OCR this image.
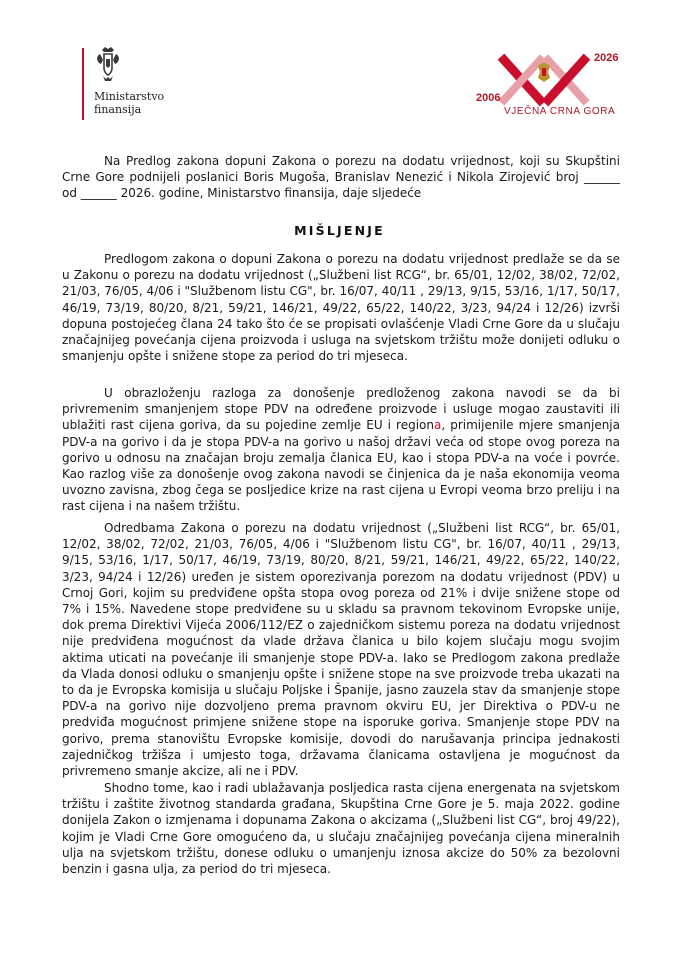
Ministarstvo
finansija
2026
2006
VJEČNA CRNA GORA

Na Predlog zakona dopuni Zakona o porezu na dodatu vrijednost, koji su Skupštini Crne Gore podnijeli poslanici Boris Mugoša, Branislav Nenezić i Nikola Zirojević broj ______ od ______ 2026. godine, Ministarstvo finansija, daje sljedeće

MIŠLJENJE

Predlogom zakona o dopuni Zakona o porezu na dodatu vrijednost predlaže se da se u Zakonu o porezu na dodatu vrijednost („Službeni list RCG“, br. 65/01, 12/02, 38/02, 72/02, 21/03, 76/05, 4/06 i "Službenom listu CG", br. 16/07, 40/11 , 29/13, 9/15, 53/16, 1/17, 50/17, 46/19, 73/19, 80/20, 8/21, 59/21, 146/21, 49/22, 65/22, 140/22, 3/23, 94/24 i 12/26) izvrši dopuna postojećeg člana 24 tako što će se propisati ovlašćenje Vladi Crne Gore da u slučaju značajnijeg povećanja cijena proizvoda i usluga na svjetskom tržištu može donijeti odluku o smanjenju opšte i snižene stope za period do tri mjeseca.

U obrazloženju razloga za donošenje predloženog zakona navodi se da bi privremenim smanjenjem stope PDV na određene proizvode i usluge mogao zaustaviti ili ublažiti rast cijena goriva, da su pojedine zemlje EU i regiona, primijenile mjere smanjenja PDV-a na gorivo i da je stopa PDV-a na gorivo u našoj državi veća od stope ovog poreza na gorivo u odnosu na značajan broju zemalja članica EU, kao i stopa PDV-a na voće i povrće. Kao razlog više za donošenje ovog zakona navodi se činjenica da je naša ekonomija veoma uvozno zavisna, zbog čega se posljedice krize na rast cijena u Evropi veoma brzo preliju i na rast cijena i na našem tržištu.

Odredbama Zakona o porezu na dodatu vrijednost („Službeni list RCG“, br. 65/01, 12/02, 38/02, 72/02, 21/03, 76/05, 4/06 i "Službenom listu CG", br. 16/07, 40/11 , 29/13, 9/15, 53/16, 1/17, 50/17, 46/19, 73/19, 80/20, 8/21, 59/21, 146/21, 49/22, 65/22, 140/22, 3/23, 94/24 i 12/26) uređen je sistem oporezivanja porezom na dodatu vrijednost (PDV) u Crnoj Gori, kojim su predviđene opšta stopa ovog poreza od 21% i dvije snižene stope od 7% i 15%. Navedene stope predviđene su u skladu sa pravnom tekovinom Evropske unije, dok prema Direktivi Vijeća 2006/112/EZ o zajedničkom sistemu poreza na dodatu vrijednost nije predviđena mogućnost da vlade država članica u bilo kojem slučaju mogu svojim aktima uticati na povećanje ili smanjenje stope PDV-a. Iako se Predlogom zakona predlaže da Vlada donosi odluku o smanjenju opšte i snižene stope na sve proizvode treba ukazati na to da je Evropska komisija u slučaju Poljske i Španije, jasno zauzela stav da smanjenje stope PDV-a na gorivo nije dozvoljeno prema pravnom okviru EU, jer Direktiva o PDV-u ne predviđa mogućnost primjene snižene stope na isporuke goriva. Smanjenje stope PDV na gorivo, prema stanovištu Evropske komisije, dovodi do narušavanja principa jednakosti zajedničkog tržišza i umjesto toga, državama članicama ostavljena je mogućnost da privremeno smanje akcize, ali ne i PDV.

Shodno tome, kao i radi ublažavanja posljedica rasta cijena energenata na svjetskom tržištu i zaštite životnog standarda građana, Skupština Crne Gore je 5. maja 2022. godine donijela Zakon o izmjenama i dopunama Zakona o akcizama („Službeni list CG“, broj 49/22), kojim je Vladi Crne Gore omogućeno da, u slučaju značajnijeg povećanja cijena mineralnih ulja na svjetskom tržištu, donese odluku o umanjenju iznosa akcize do 50% za bezolovni benzin i gasna ulja, za period do tri mjeseca.
